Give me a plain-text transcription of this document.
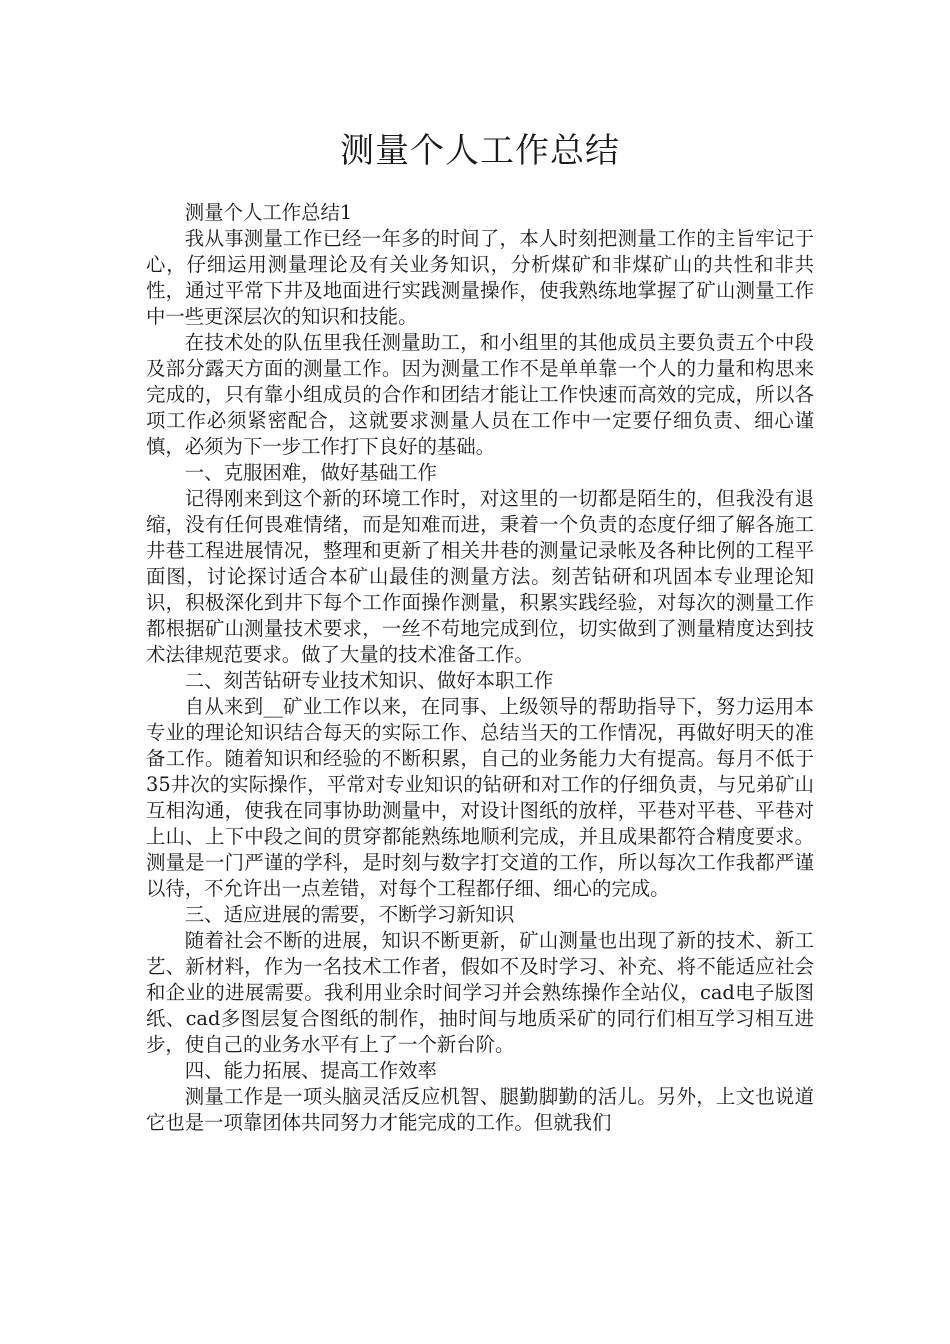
测量个人工作总结

测量个人工作总结1

我从事测量工作已经一年多的时间了，本人时刻把测量工作的主旨牢记于心，仔细运用测量理论及有关业务知识，分析煤矿和非煤矿山的共性和非共性，通过平常下井及地面进行实践测量操作，使我熟练地掌握了矿山测量工作中一些更深层次的知识和技能。

在技术处的队伍里我任测量助工，和小组里的其他成员主要负责五个中段及部分露天方面的测量工作。因为测量工作不是单单靠一个人的力量和构思来完成的，只有靠小组成员的合作和团结才能让工作快速而高效的完成，所以各项工作必须紧密配合，这就要求测量人员在工作中一定要仔细负责、细心谨慎，必须为下一步工作打下良好的基础。

一、克服困难，做好基础工作

记得刚来到这个新的环境工作时，对这里的一切都是陌生的，但我没有退缩，没有任何畏难情绪，而是知难而进，秉着一个负责的态度仔细了解各施工井巷工程进展情况，整理和更新了相关井巷的测量记录帐及各种比例的工程平面图，讨论探讨适合本矿山最佳的测量方法。刻苦钻研和巩固本专业理论知识，积极深化到井下每个工作面操作测量，积累实践经验，对每次的测量工作都根据矿山测量技术要求，一丝不苟地完成到位，切实做到了测量精度达到技术法律规范要求。做了大量的技术准备工作。

二、刻苦钻研专业技术知识、做好本职工作

自从来到__矿业工作以来，在同事、上级领导的帮助指导下，努力运用本专业的理论知识结合每天的实际工作、总结当天的工作情况，再做好明天的准备工作。随着知识和经验的不断积累，自己的业务能力大有提高。每月不低于35井次的实际操作，平常对专业知识的钻研和对工作的仔细负责，与兄弟矿山互相沟通，使我在同事协助测量中，对设计图纸的放样，平巷对平巷、平巷对上山、上下中段之间的贯穿都能熟练地顺利完成，并且成果都符合精度要求。测量是一门严谨的学科，是时刻与数字打交道的工作，所以每次工作我都严谨以待，不允许出一点差错，对每个工程都仔细、细心的完成。

三、适应进展的需要，不断学习新知识

随着社会不断的进展，知识不断更新，矿山测量也出现了新的技术、新工艺、新材料，作为一名技术工作者，假如不及时学习、补充、将不能适应社会和企业的进展需要。我利用业余时间学习并会熟练操作全站仪，cad电子版图纸、cad多图层复合图纸的制作，抽时间与地质采矿的同行们相互学习相互进步，使自己的业务水平有上了一个新台阶。

四、能力拓展、提高工作效率

测量工作是一项头脑灵活反应机智、腿勤脚勤的活儿。另外，上文也说道它也是一项靠团体共同努力才能完成的工作。但就我们
